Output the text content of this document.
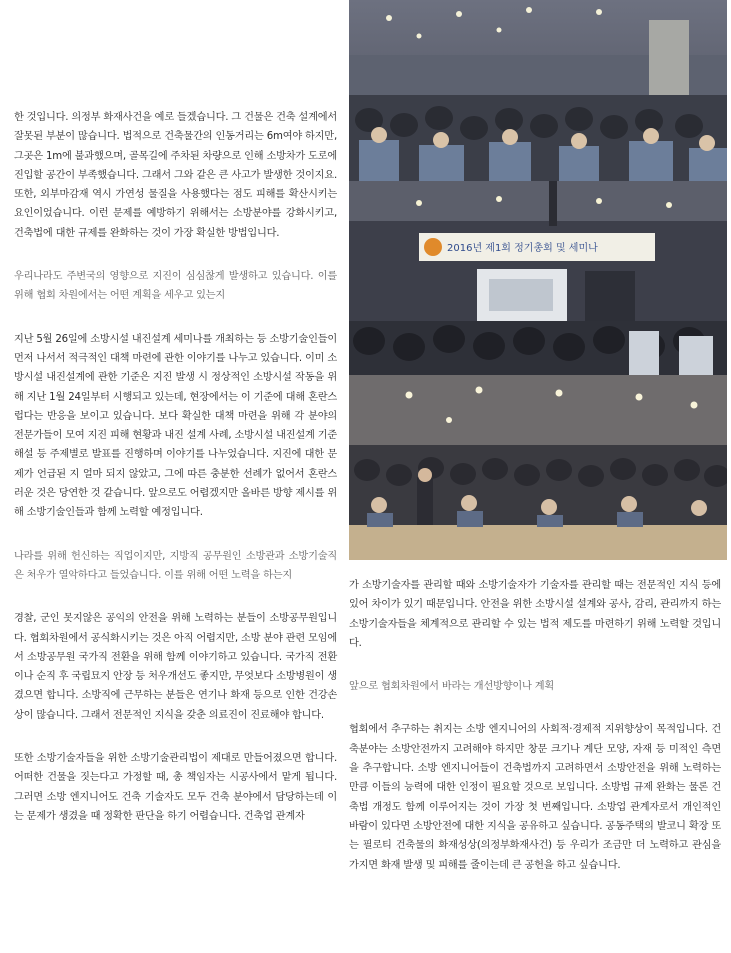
한 것입니다. 의정부 화재사건을 예로 들겠습니다. 그 건물은 건축 설계에서 잘못된 부분이 많습니다. 법적으로 건축물간의 인동거리는 6m여야 하지만, 그곳은 1m에 불과했으며, 골목길에 주차된 차량으로 인해 소방차가 도로에 진입할 공간이 부족했습니다. 그래서 그와 같은 큰 사고가 발생한 것이지요. 또한, 외부마감재 역시 가연성 물질을 사용했다는 점도 피해를 확산시키는 요인이었습니다. 이런 문제를 예방하기 위해서는 소방분야를 강화시키고, 건축법에 대한 규제를 완화하는 것이 가장 확실한 방법입니다.

우리나라도 주변국의 영향으로 지진이 심심찮게 발생하고 있습니다. 이를 위해 협회 차원에서는 어떤 계획을 세우고 있는지

지난 5월 26일에 소방시설 내진설계 세미나를 개최하는 등 소방기술인들이 먼저 나서서 적극적인 대책 마련에 관한 이야기를 나누고 있습니다. 이미 소방시설 내진설계에 관한 기준은 지진 발생 시 정상적인 소방시설 작동을 위해 지난 1월 24일부터 시행되고 있는데, 현장에서는 이 기준에 대해 혼란스럽다는 반응을 보이고 있습니다. 보다 확실한 대책 마련을 위해 각 분야의 전문가들이 모여 지진 피해 현황과 내진 설계 사례, 소방시설 내진설계 기준 해설 등 주제별로 발표를 진행하며 이야기를 나누었습니다. 지진에 대한 문제가 언급된 지 얼마 되지 않았고, 그에 따른 충분한 선례가 없어서 혼란스러운 것은 당연한 것 같습니다. 앞으로도 어렵겠지만 올바른 방향 제시를 위해 소방기술인들과 함께 노력할 예정입니다.

나라를 위해 헌신하는 직업이지만, 지방직 공무원인 소방관과 소방기술직은 처우가 열악하다고 들었습니다. 이를 위해 어떤 노력을 하는지

경찰, 군인 못지않은 공익의 안전을 위해 노력하는 분들이 소방공무원입니다. 협회차원에서 공식화시키는 것은 아직 어렵지만, 소방 분야 관련 모임에서 소방공무원 국가직 전환을 위해 함께 이야기하고 있습니다. 국가직 전환이나 순직 후 국립묘지 안장 등 처우개선도 좋지만, 무엇보다 소방병원이 생겼으면 합니다. 소방직에 근무하는 분들은 연기나 화재 등으로 인한 건강손상이 많습니다. 그래서 전문적인 지식을 갖춘 의료진이 진료해야 합니다.

또한 소방기술자들을 위한 소방기술관리법이 제대로 만들어졌으면 합니다. 어떠한 건물을 짓는다고 가정할 때, 총 책임자는 시공사에서 맡게 됩니다. 그러면 소방 엔지니어도 건축 기술자도 모두 건축 분야에서 담당하는데 이는 문제가 생겼을 때 정확한 판단을 하기 어렵습니다. 건축업 관계자

2016년 제1회 정기총회 및 세미나

가 소방기술자를 관리할 때와 소방기술자가 기술자를 관리할 때는 전문적인 지식 등에 있어 차이가 있기 때문입니다. 안전을 위한 소방시설 설계와 공사, 감리, 관리까지 하는 소방기술자들을 체계적으로 관리할 수 있는 법적 제도를 마련하기 위해 노력할 것입니다.

앞으로 협회차원에서 바라는 개선방향이나 계획

협회에서 추구하는 취지는 소방 엔지니어의 사회적·경제적 지위향상이 목적입니다. 건축분야는 소방안전까지 고려해야 하지만 창문 크기나 계단 모양, 자재 등 미적인 측면을 추구합니다. 소방 엔지니어들이 건축법까지 고려하면서 소방안전을 위해 노력하는 만큼 이들의 능력에 대한 인정이 필요할 것으로 보입니다. 소방법 규제 완화는 물론 건축법 개정도 함께 이루어지는 것이 가장 첫 번째입니다. 소방업 관계자로서 개인적인 바람이 있다면 소방안전에 대한 지식을 공유하고 싶습니다. 공동주택의 발코니 확장 또는 필로티 건축물의 화재성상(의정부화재사건) 등 우리가 조금만 더 노력하고 관심을 가지면 화재 발생 및 피해를 줄이는데 큰 공헌을 하고 싶습니다.
